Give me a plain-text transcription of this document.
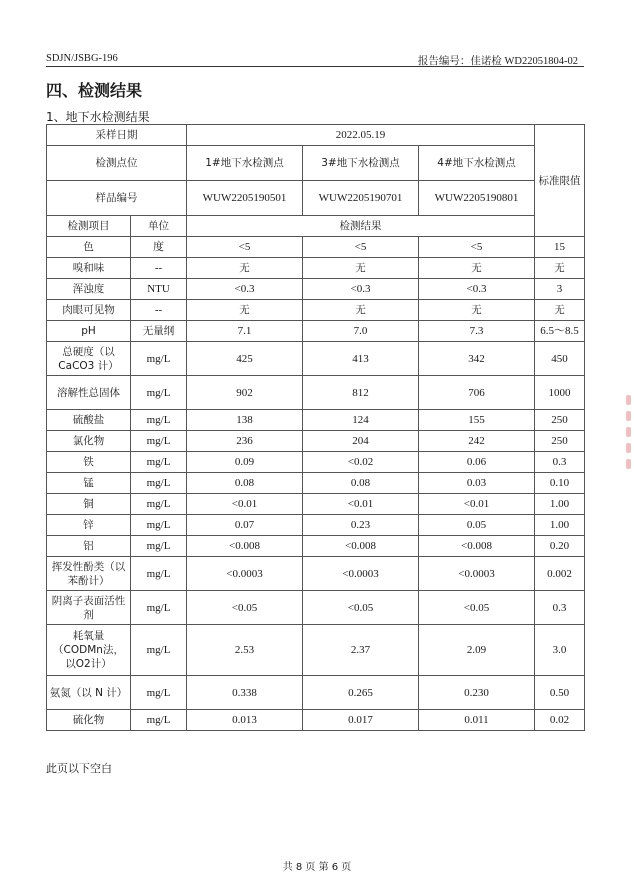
SDJN/JSBG-196	报告编号：佳诺检 WD22051804-02
四、检测结果
1、地下水检测结果
采样日期		2022.05.19			标准限值
检测点位		1#地下水检测点	3#地下水检测点	4#地下水检测点	
样品编号		WUW2205190501	WUW2205190701	WUW2205190801	
检测项目	单位	检测结果			
色	度	<5	<5	<5	15
嗅和味	--	无	无	无	无
浑浊度	NTU	<0.3	<0.3	<0.3	3
肉眼可见物	--	无	无	无	无
pH	无量纲	7.1	7.0	7.3	6.5～8.5
总硬度（以 CaCO3 计）	mg/L	425	413	342	450
溶解性总固体	mg/L	902	812	706	1000
硫酸盐	mg/L	138	124	155	250
氯化物	mg/L	236	204	242	250
铁	mg/L	0.09	<0.02	0.06	0.3
锰	mg/L	0.08	0.08	0.03	0.10
铜	mg/L	<0.01	<0.01	<0.01	1.00
锌	mg/L	0.07	0.23	0.05	1.00
铝	mg/L	<0.008	<0.008	<0.008	0.20
挥发性酚类（以苯酚计）	mg/L	<0.0003	<0.0003	<0.0003	0.002
阴离子表面活性剂	mg/L	<0.05	<0.05	<0.05	0.3
耗氧量（CODMn法，以O2计）	mg/L	2.53	2.37	2.09	3.0
氨氮（以 N 计）	mg/L	0.338	0.265	0.230	0.50
硫化物	mg/L	0.013	0.017	0.011	0.02
此页以下空白
共 8 页 第 6 页
